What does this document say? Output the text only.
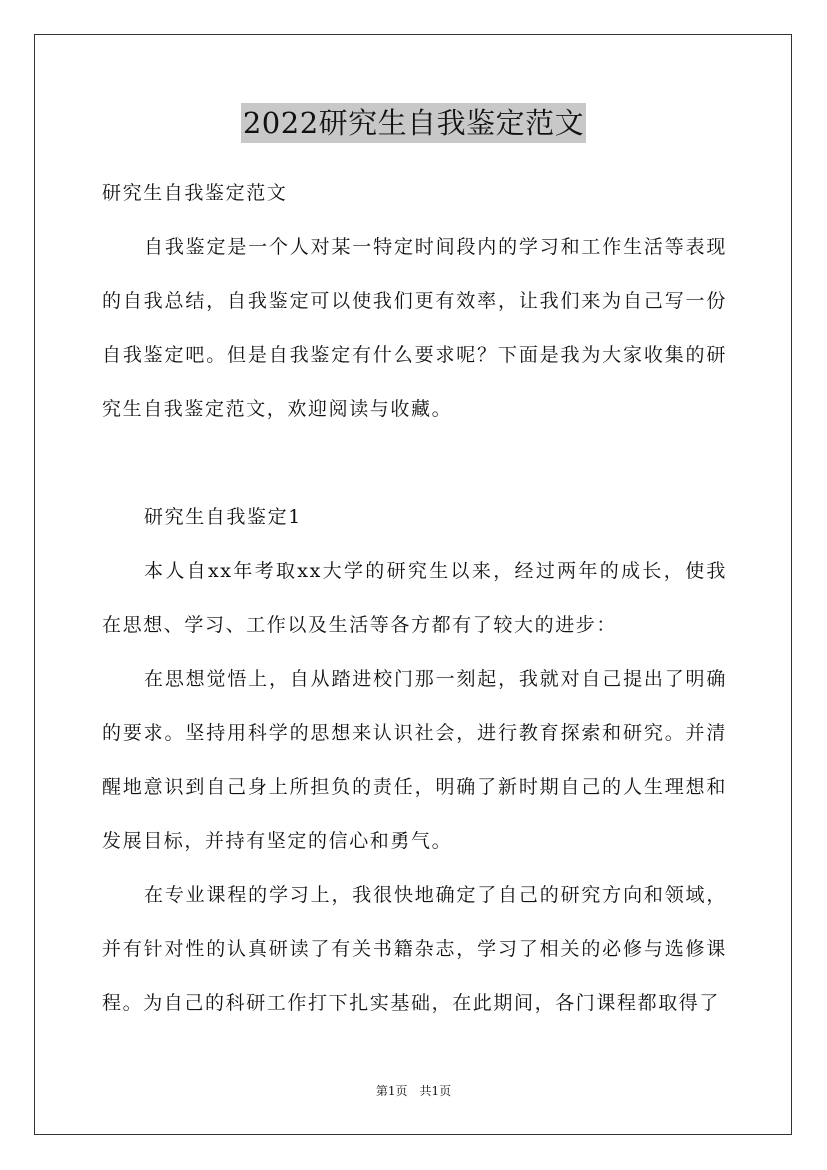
2022研究生自我鉴定范文

研究生自我鉴定范文

自我鉴定是一个人对某一特定时间段内的学习和工作生活等表现的自我总结，自我鉴定可以使我们更有效率，让我们来为自己写一份自我鉴定吧。但是自我鉴定有什么要求呢？下面是我为大家收集的研究生自我鉴定范文，欢迎阅读与收藏。

研究生自我鉴定1

本人自xx年考取xx大学的研究生以来，经过两年的成长，使我在思想、学习、工作以及生活等各方都有了较大的进步：

在思想觉悟上，自从踏进校门那一刻起，我就对自己提出了明确的要求。坚持用科学的思想来认识社会，进行教育探索和研究。并清醒地意识到自己身上所担负的责任，明确了新时期自己的人生理想和发展目标，并持有坚定的信心和勇气。

在专业课程的学习上，我很快地确定了自己的研究方向和领域，并有针对性的认真研读了有关书籍杂志，学习了相关的必修与选修课程。为自己的科研工作打下扎实基础，在此期间，各门课程都取得了

第1页 共1页
